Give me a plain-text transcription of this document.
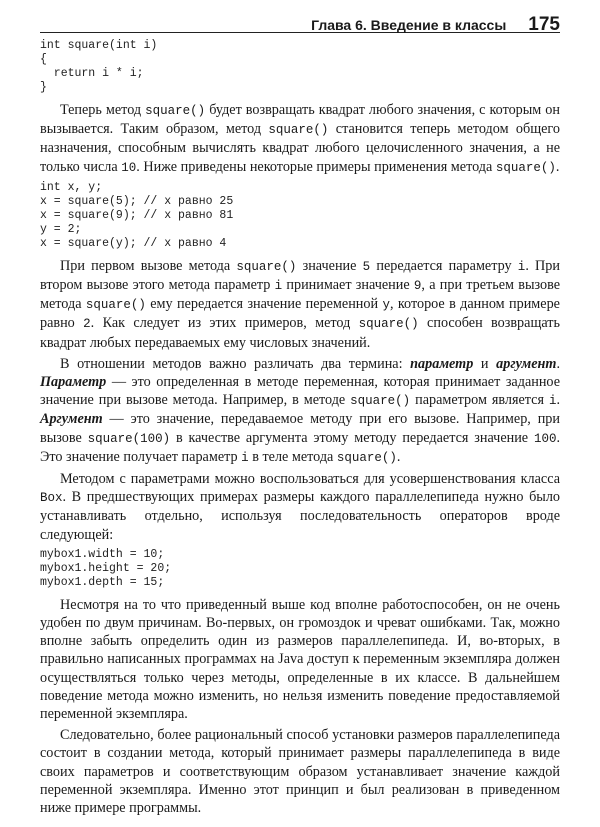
Глава 6. Введение в классы 175
int square(int i)
{
return i * i;
}

Теперь метод square() будет возвращать квадрат любого значения, с которым он вызывается. Таким образом, метод square() становится теперь методом общего назначения, способным вычислять квадрат любого целочисленного значения, а не только числа 10. Ниже приведены некоторые примеры применения метода square().

int x, y;
x = square(5); // x равно 25
x = square(9); // x равно 81
y = 2;
x = square(y); // x равно 4

При первом вызове метода square() значение 5 передается параметру i. При втором вызове этого метода параметр i принимает значение 9, а при третьем вызове метода square() ему передается значение переменной y, которое в данном примере равно 2. Как следует из этих примеров, метод square() способен возвращать квадрат любых передаваемых ему числовых значений.

В отношении методов важно различать два термина: параметр и аргумент. Параметр — это определенная в методе переменная, которая принимает заданное значение при вызове метода. Например, в методе square() параметром является i. Аргумент — это значение, передаваемое методу при его вызове. Например, при вызове square(100) в качестве аргумента этому методу передается значение 100. Это значение получает параметр i в теле метода square().

Методом с параметрами можно воспользоваться для усовершенствования класса Box. В предшествующих примерах размеры каждого параллелепипеда нужно было устанавливать отдельно, используя последовательность операторов вроде следующей:

mybox1.width = 10;
mybox1.height = 20;
mybox1.depth = 15;

Несмотря на то что приведенный выше код вполне работоспособен, он не очень удобен по двум причинам. Во-первых, он громоздок и чреват ошибками. Так, можно вполне забыть определить один из размеров параллелепипеда. И, во-вторых, в правильно написанных программах на Java доступ к переменным экземпляра должен осуществляться только через методы, определенные в их классе. В дальнейшем поведение метода можно изменить, но нельзя изменить поведение предоставляемой переменной экземпляра.

Следовательно, более рациональный способ установки размеров параллелепипеда состоит в создании метода, который принимает размеры параллелепипеда в виде своих параметров и соответствующим образом устанавливает значение каждой переменной экземпляра. Именно этот принцип и был реализован в приведенном ниже примере программы.
